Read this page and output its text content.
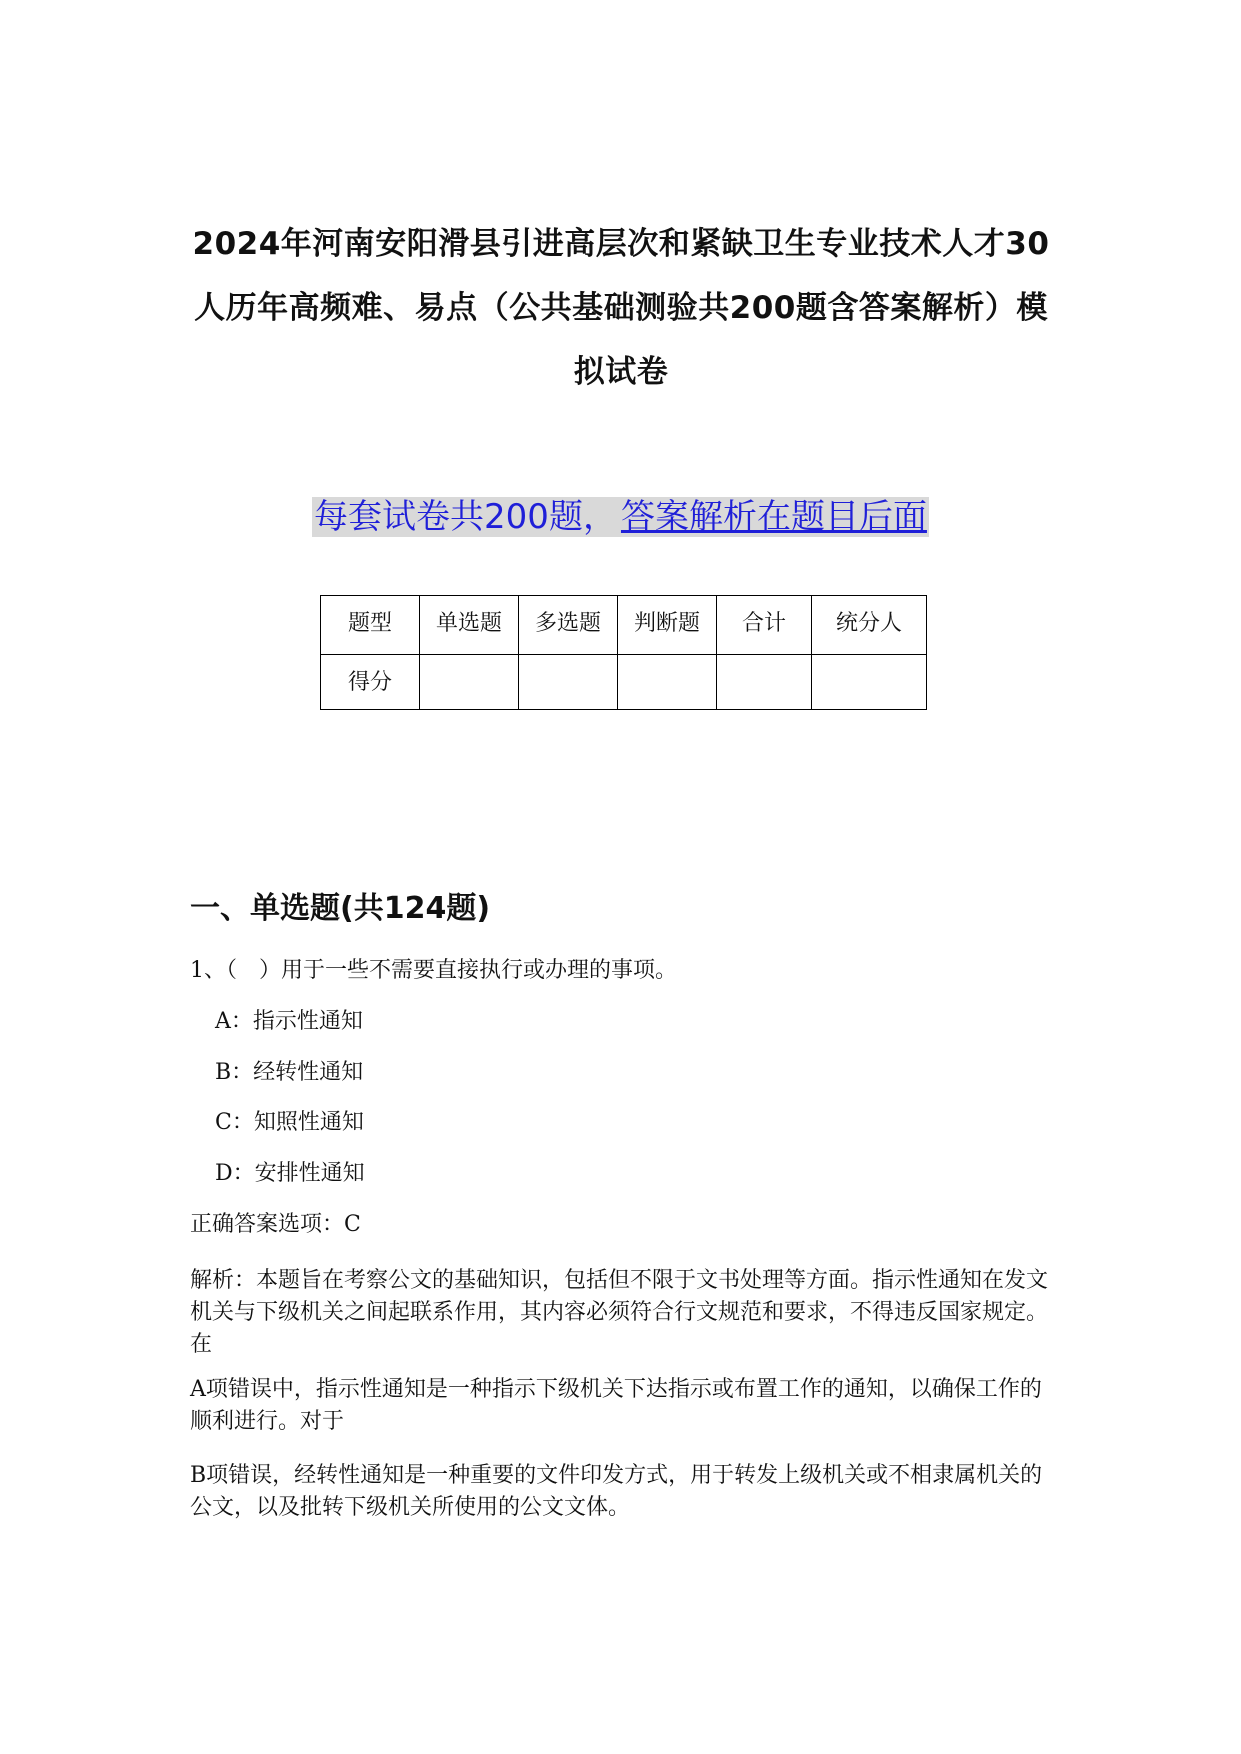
2024年河南安阳滑县引进高层次和紧缺卫生专业技术人才30人历年高频难、易点（公共基础测验共200题含答案解析）模拟试卷
每套试卷共200题， 答案解析在题目后面
题型	单选题	多选题	判断题	合计	统分人
得分					
一、单选题(共124题)
1、（　）用于一些不需要直接执行或办理的事项。
A：指示性通知
B：经转性通知
C：知照性通知
D：安排性通知
正确答案选项：C
解析：本题旨在考察公文的基础知识，包括但不限于文书处理等方面。指示性通知在发文机关与下级机关之间起联系作用，其内容必须符合行文规范和要求，不得违反国家规定。在
A项错误中，指示性通知是一种指示下级机关下达指示或布置工作的通知，以确保工作的顺利进行。对于
B项错误，经转性通知是一种重要的文件印发方式，用于转发上级机关或不相隶属机关的公文，以及批转下级机关所使用的公文文体。
